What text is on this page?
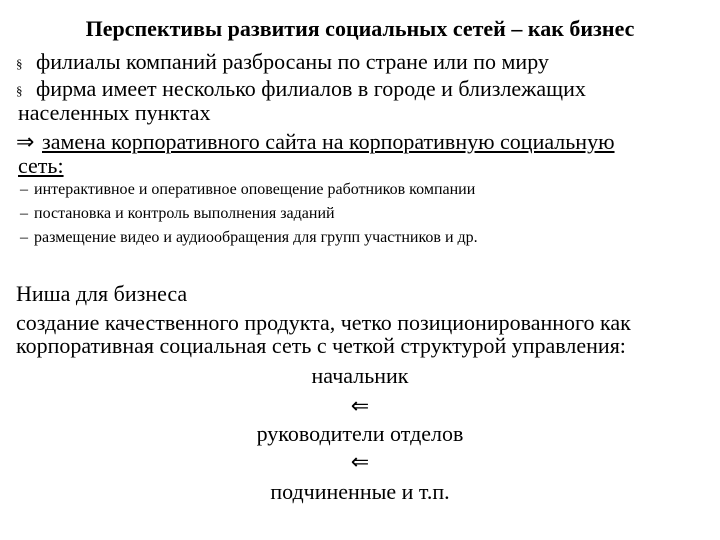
Перспективы развития социальных сетей – как бизнес
§ филиалы компаний разбросаны по стране или по миру
§ фирма имеет несколько филиалов в городе и близлежащих
населенных пунктах
⇒ замена корпоративного сайта на корпоративную социальную
сеть:
– интерактивное и оперативное оповещение работников компании
– постановка и контроль выполнения заданий
– размещение видео и аудиообращения для групп участников и др.
Ниша для бизнеса
создание качественного продукта, четко позиционированного как
корпоративная социальная сеть с четкой структурой управления:
начальник
⇐
руководители отделов
⇐
подчиненные и т.п.
